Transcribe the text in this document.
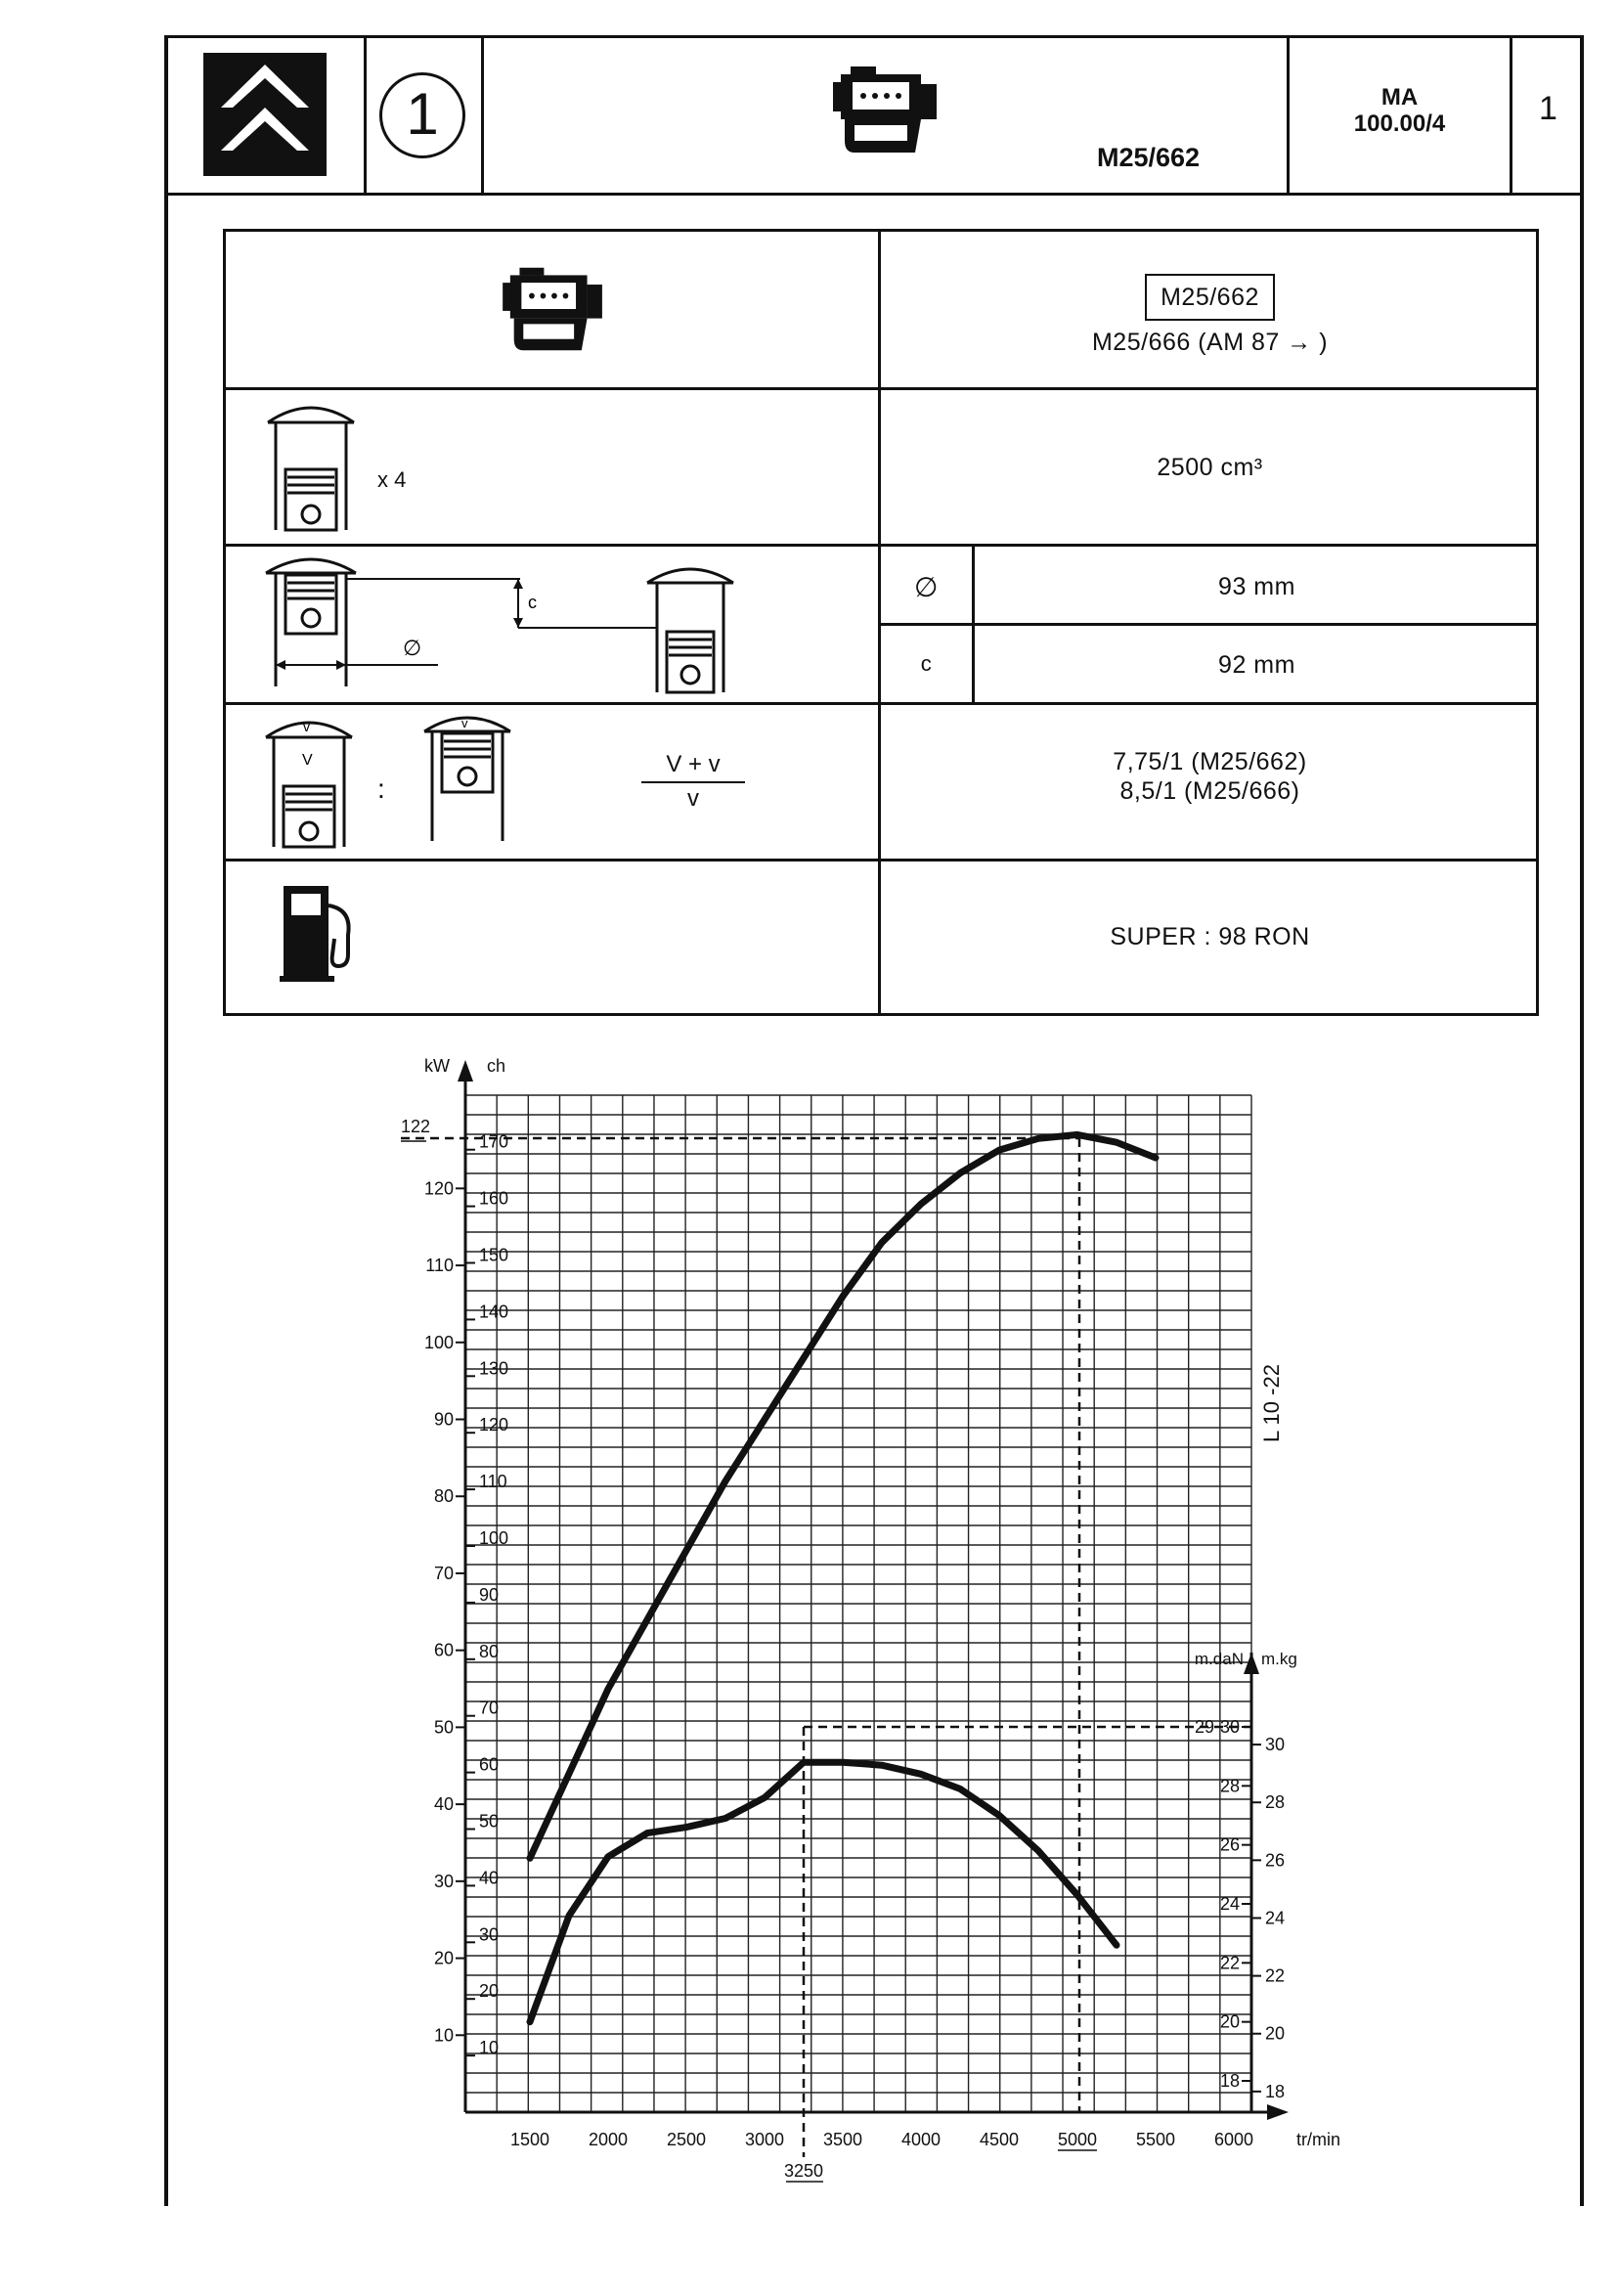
1
M25/662
MA
100.00/4	1
M25/662
M25/666 (AM 87 → )
x 4	2500 cm³
c
∅
∅	93 mm
c	92 mm
v
V
:
v
$\frac{V + v}{v}$	7,75/1 (M25/662)
8,5/1 (M25/666)
SUPER : 98 RON
kW ch
10
20
30
40
50
60
70
80
90
100
110
120
10
20
30
40
50
60
70
80
90
100
110
120
130
140
150
160
170
tr/min
1500 2000 2500 3000 3500 4000 4500 5000 5500 6000
m.daN m.kg
18
20
22
24
26
28
30
18
20
22
24
26
28
30
L 10 -22
122
29
3250
